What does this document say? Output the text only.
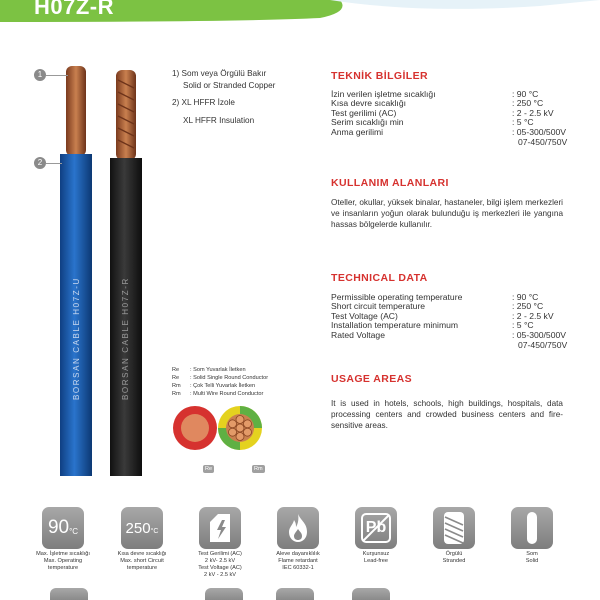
H07Z-R
BORSAN CABLE H07Z-U	BORSAN CABLE H07Z-R
1
2
1) Som veya Örgülü Bakır
Solid or Stranded Copper
2) XL HFFR İzole
XL HFFR Insulation
Re : Som Yuvarlak İletken
Re : Solid Single Round Conductor
Rm : Çok Telli Yuvarlak İletken
Rm : Multi Wire Round Conductor
Re	Rm
TEKNİK BİLGİLER
İzin verilen işletme sıcaklığı	: 90 °C
Kısa devre sıcaklığı	: 250 °C
Test gerilimi (AC)	: 2 - 2.5 kV
Serim sıcaklığı min	: 5 °C
Anma gerilimi	: 05-300/500V
07-450/750V
KULLANIM ALANLARI
Oteller, okullar, yüksek binalar, hastaneler, bilgi işlem merkezleri ve insanların yoğun olarak bulunduğu iş merkezleri ile yangına hassas bölgelerde kullanılır.
TECHNICAL DATA
Permissible operating temperature	: 90 °C
Short circuit temperature	: 250 °C
Test Voltage (AC)	: 2 - 2.5 kV
Installation temperature minimum	: 5 °C
Rated Voltage	: 05-300/500V
07-450/750V
USAGE AREAS
It is used in hotels, schools, high buildings, hospitals, data processing centers and crowded business centers and fire-sensitive areas.
90 °C
Max. İşletme sıcaklığı
Max. Operating
temperature
250 °C
Kısa devre sıcaklığı
Max. short Circuit
temperature
Test Gerilimi (AC)
2 kV- 2.5 kV
Test Voltage (AC)
2 kV - 2.5 kV
Aleve dayanıklılık
Flame retardant
IEC 60332-1
Pb
Kurşunsuz
Lead-free
Örgülü
Stranded
Som
Solid
